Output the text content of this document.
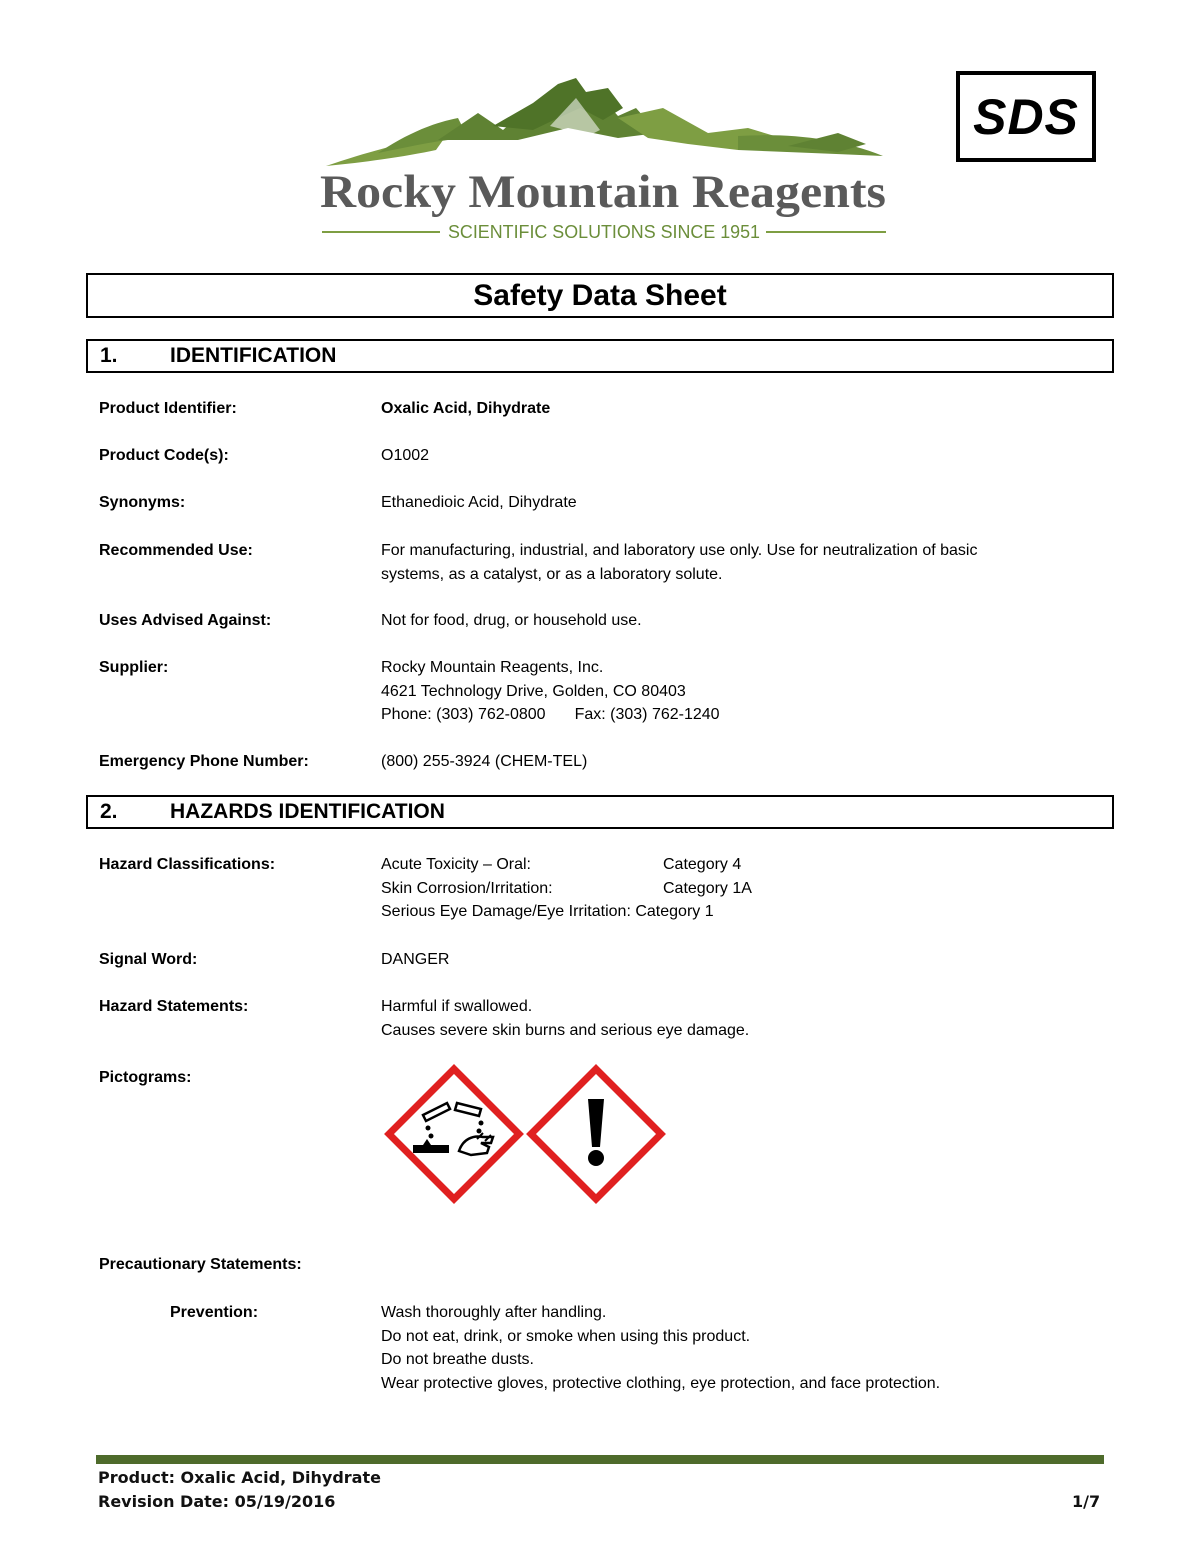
Rocky Mountain Reagents
SCIENTIFIC SOLUTIONS SINCE 1951
SDS
Safety Data Sheet
1. IDENTIFICATION
Product Identifier:	Oxalic Acid, Dihydrate
Product Code(s):	O1002
Synonyms:	Ethanedioic Acid, Dihydrate
Recommended Use:	For manufacturing, industrial, and laboratory use only. Use for neutralization of basic
systems, as a catalyst, or as a laboratory solute.
Uses Advised Against:	Not for food, drug, or household use.
Supplier:	Rocky Mountain Reagents, Inc.
4621 Technology Drive, Golden, CO 80403
Phone: (303) 762-0800 Fax: (303) 762-1240
Emergency Phone Number:	(800) 255-3924 (CHEM-TEL)
2. HAZARDS IDENTIFICATION
Hazard Classifications:	Acute Toxicity – Oral:	Category 4
Skin Corrosion/Irritation:	Category 1A
Serious Eye Damage/Eye Irritation: Category 1
Signal Word:	DANGER
Hazard Statements:	Harmful if swallowed.
Causes severe skin burns and serious eye damage.
Pictograms:
Precautionary Statements:
Prevention:	Wash thoroughly after handling.
Do not eat, drink, or smoke when using this product.
Do not breathe dusts.
Wear protective gloves, protective clothing, eye protection, and face protection.
Product: Oxalic Acid, Dihydrate
Revision Date: 05/19/2016	1/7
